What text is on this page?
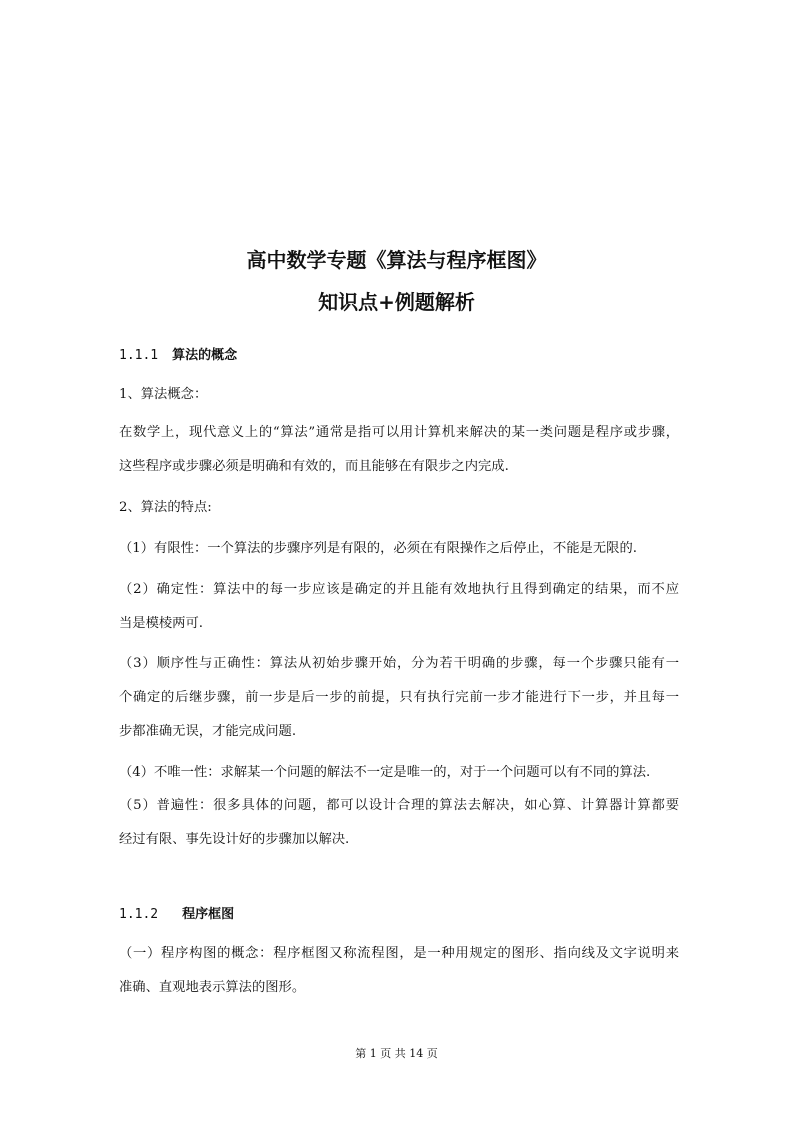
高中数学专题《算法与程序框图》
知识点+例题解析
1.1.1 算法的概念
1、算法概念：
在数学上，现代意义上的“算法”通常是指可以用计算机来解决的某一类问题是程序或步骤，
这些程序或步骤必须是明确和有效的，而且能够在有限步之内完成.
2、算法的特点:
（1）有限性：一个算法的步骤序列是有限的，必须在有限操作之后停止，不能是无限的.
（2）确定性：算法中的每一步应该是确定的并且能有效地执行且得到确定的结果，而不应
当是模棱两可.
（3）顺序性与正确性：算法从初始步骤开始，分为若干明确的步骤，每一个步骤只能有一
个确定的后继步骤，前一步是后一步的前提，只有执行完前一步才能进行下一步，并且每一
步都准确无误，才能完成问题.
（4）不唯一性：求解某一个问题的解法不一定是唯一的，对于一个问题可以有不同的算法.
（5）普遍性：很多具体的问题，都可以设计合理的算法去解决，如心算、计算器计算都要
经过有限、事先设计好的步骤加以解决.
1.1.2 程序框图
（一）程序构图的概念：程序框图又称流程图，是一种用规定的图形、指向线及文字说明来
准确、直观地表示算法的图形。
第 1 页 共 14 页
